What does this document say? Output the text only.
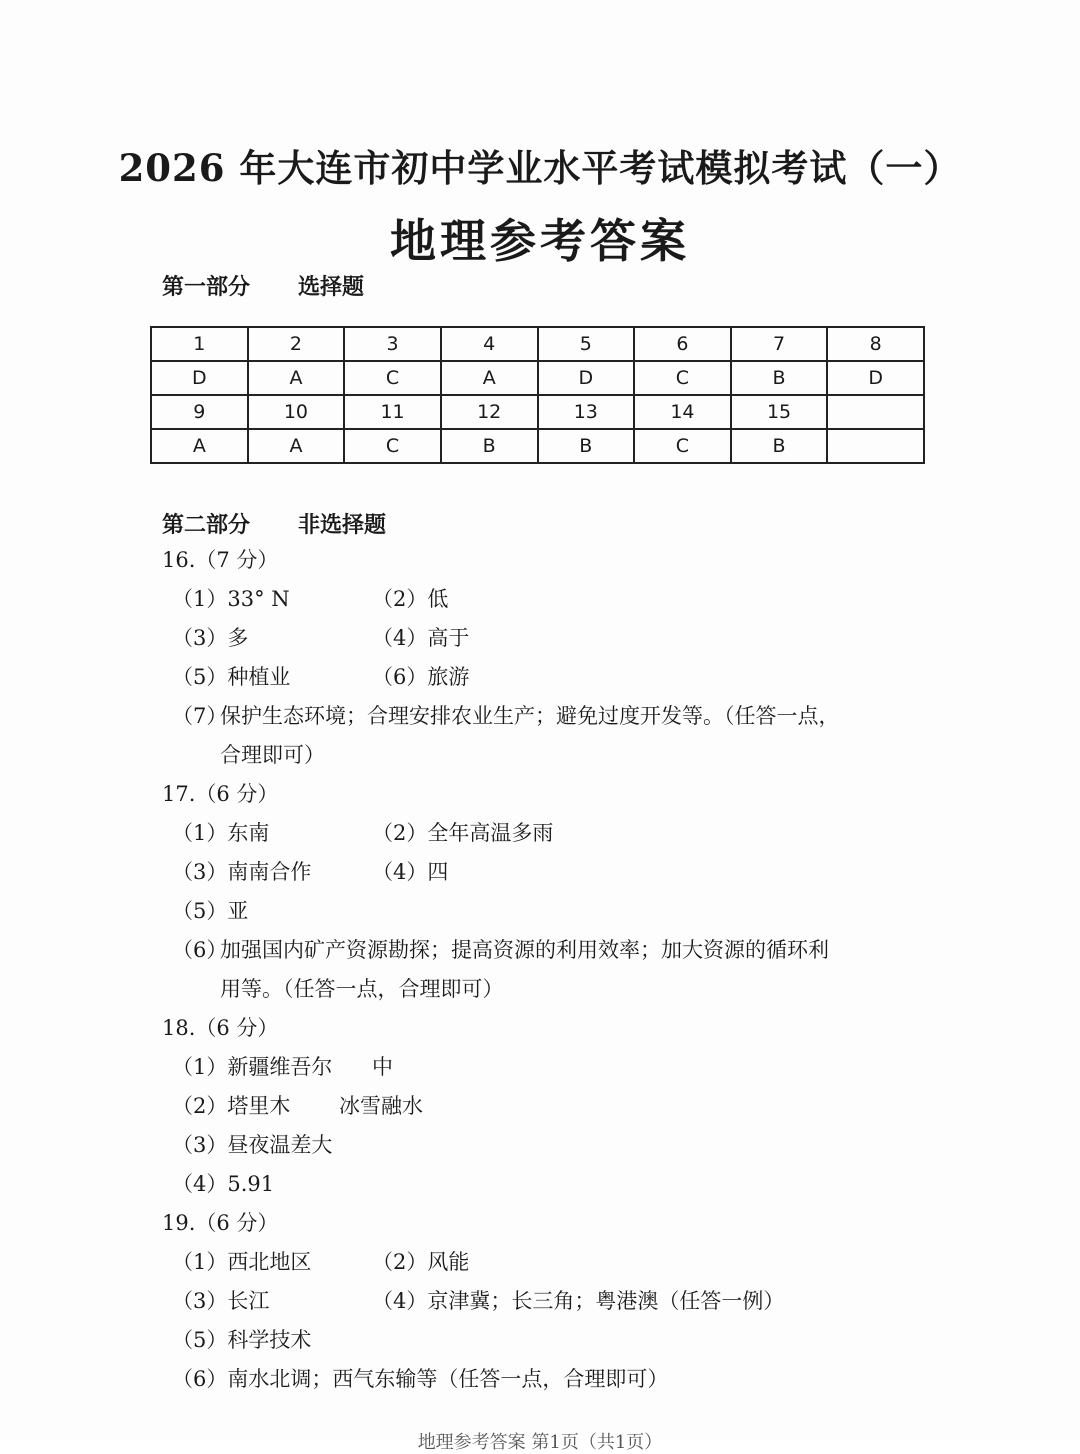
2026 年大连市初中学业水平考试模拟考试（一）
地理参考答案
第一部分 选择题
1	2	3	4	5	6	7	8
D	A	C	A	D	C	B	D
9	10	11	12	13	14	15	
A	A	C	B	B	C	B	
第二部分 非选择题
16.（7 分）
（1）33° N	（2）低
（3）多	（4）高于
（5）种植业	（6）旅游
（7）
保护生态环境；合理安排农业生产；避免过度开发等。（任答一点，
合理即可）
17.（6 分）
（1）东南	（2）全年高温多雨
（3）南南合作	（4）四
（5）亚
（6）
加强国内矿产资源勘探；提高资源的利用效率；加大资源的循环利
用等。（任答一点，合理即可）
18.（6 分）
（1）新疆维吾尔 中
（2）塔里木 冰雪融水
（3）昼夜温差大
（4）5.91
19.（6 分）
（1）西北地区	（2）风能
（3）长江	（4）京津冀；长三角；粤港澳（任答一例）
（5）科学技术
（6）南水北调；西气东输等（任答一点，合理即可）
地理参考答案 第1页（共1页）
